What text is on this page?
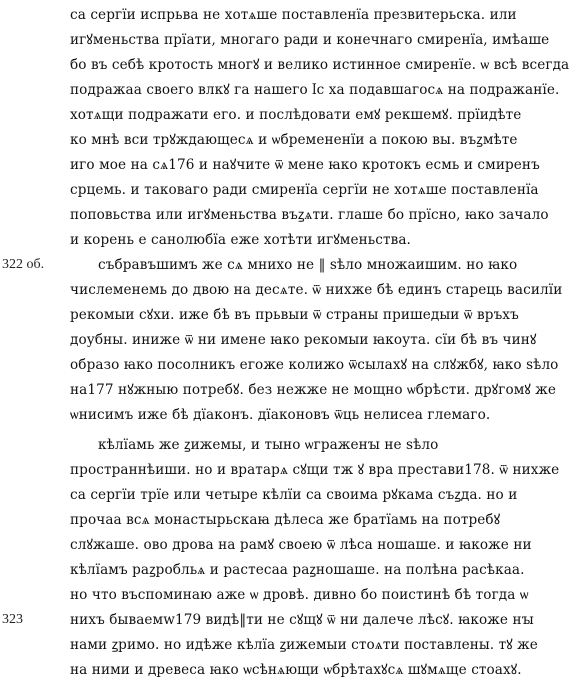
са сергїи испрьва не хотѧше поставленїа презвитерьска. или
игꙋменьства прїати, многаго ради и конечнаго смиренїа, имѣаше
бо въ себѣ кротость многꙋ и велико истинное смиренїе. ѡ всѣ всегда
подражаа своего влкꙋ га нашего ӏс ха подавшагосѧ на подражанїе.
хотѧщи подражати его. и послѣдовати емꙋ рекшемꙋ. прїидѣте
ко мнѣ вси трꙋждающесѧ и ѡбремененїи а покою вы. въꙁмѣте
иго мое на сѧ176 и наꙋчите ѿ мене ꙗко кротокъ есмь и смиренъ
срцемь. и таковаго ради смиренїа сергїи не хотѧше поставленїа
поповьства или игꙋменьства въꙁѧти. глаше бо прїсно, ꙗко зачало
и корень е санолюбїа еже хотѣти игꙋменьства.
322 об.	събравъшимъ же сѧ мнихо не ‖ ѕѣло множаишим. но ꙗко
числеменемь до двою на десѧте. ѿ нихже бѣ единъ старець василїи
рекомыи сꙋхи. иже бѣ въ прьвыи ѿ страны пришедыи ѿ връхъ
доубны. иниже ѿ ни имене ꙗко рекомыи ꙗкоута. сїи бѣ въ чинꙋ
образо ꙗко посолникъ егоже колижо ѿсылахꙋ на слꙋжбꙋ, ꙗко ѕѣло
на177 нꙋжныю потребꙋ. без нежже не мощно ѡбрѣсти. дрꙋгомꙋ же
ѡнисимъ иже бѣ дїаконъ. дїаконовъ ѿць нелисеа глемаго.
кѣлїамь же ꙁижемы, и тыно ѡграженꙑ не ѕѣло
пространнѣиши. но и вратарѧ сꙋщи тж ꙋ вра престави178. ѿ нихже
са сергїи трїе или четыре кѣлїи са своима рꙋкама съꙁда. но и
прочаа всѧ монастырьскаꙗ дѣлеса же братїамь на потребꙋ
слꙋжаше. ово дрова на рамꙋ своею ѿ лѣса ношаше. и ꙗкоже ни
кѣлїамъ раꙁробльѧ и растесаа раꙁношаше. на полѣна расѣкаа.
но что въспоминаю аже ѡ дровѣ. дивно бо поистинѣ бѣ тогда ѡ
323	нихъ бываемw179 видѣ‖ти не сꙋщꙋ ѿ ни далече лѣсꙋ. ꙗкоже нꙑ
нами ꙁримо. но идѣже кѣлїа ꙁижемыи стоѧти поставлены. тꙋ же
на ними и древеса ꙗко ѡсѣнѧющи ѡбрѣтахꙋсѧ шꙋмѧще стоахꙋ.
